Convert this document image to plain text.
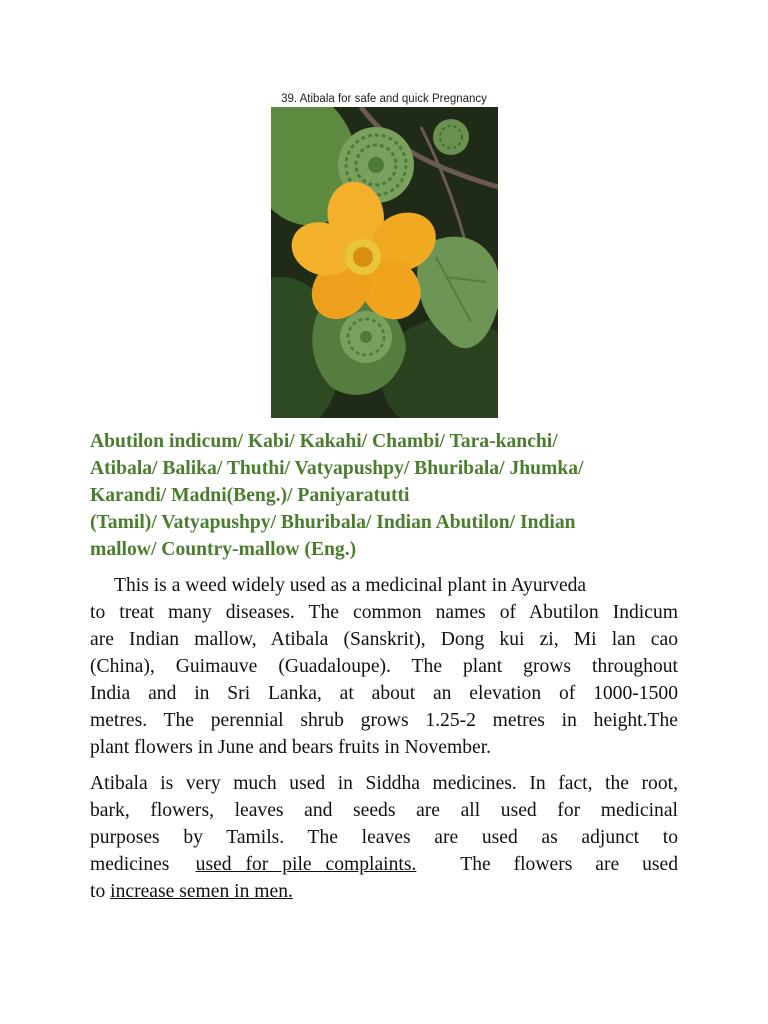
39. Atibala for safe and quick Pregnancy
Abutilon indicum/ Kabi/ Kakahi/ Chambi/ Tara-kanchi/
Atibala/ Balika/ Thuthi/ Vatyapushpy/ Bhuribala/ Jhumka/
Karandi/ Madni(Beng.)/ Paniyaratutti
(Tamil)/ Vatyapushpy/ Bhuribala/ Indian Abutilon/ Indian
mallow/ Country-mallow (Eng.)
This is a weed widely used as a medicinal plant in Ayurveda
to treat many diseases. The common names of Abutilon Indicum
are Indian mallow, Atibala (Sanskrit), Dong kui zi, Mi lan cao
(China), Guimauve (Guadaloupe). The plant grows throughout
India and in Sri Lanka, at about an elevation of 1000-1500
metres. The perennial shrub grows 1.25-2 metres in height.The
plant flowers in June and bears fruits in November.
Atibala is very much used in Siddha medicines. In fact, the root,
bark, flowers, leaves and seeds are all used for medicinal
purposes by Tamils. The leaves are used as adjunct to
medicines used for pile complaints. The flowers are used
to increase semen in men.
